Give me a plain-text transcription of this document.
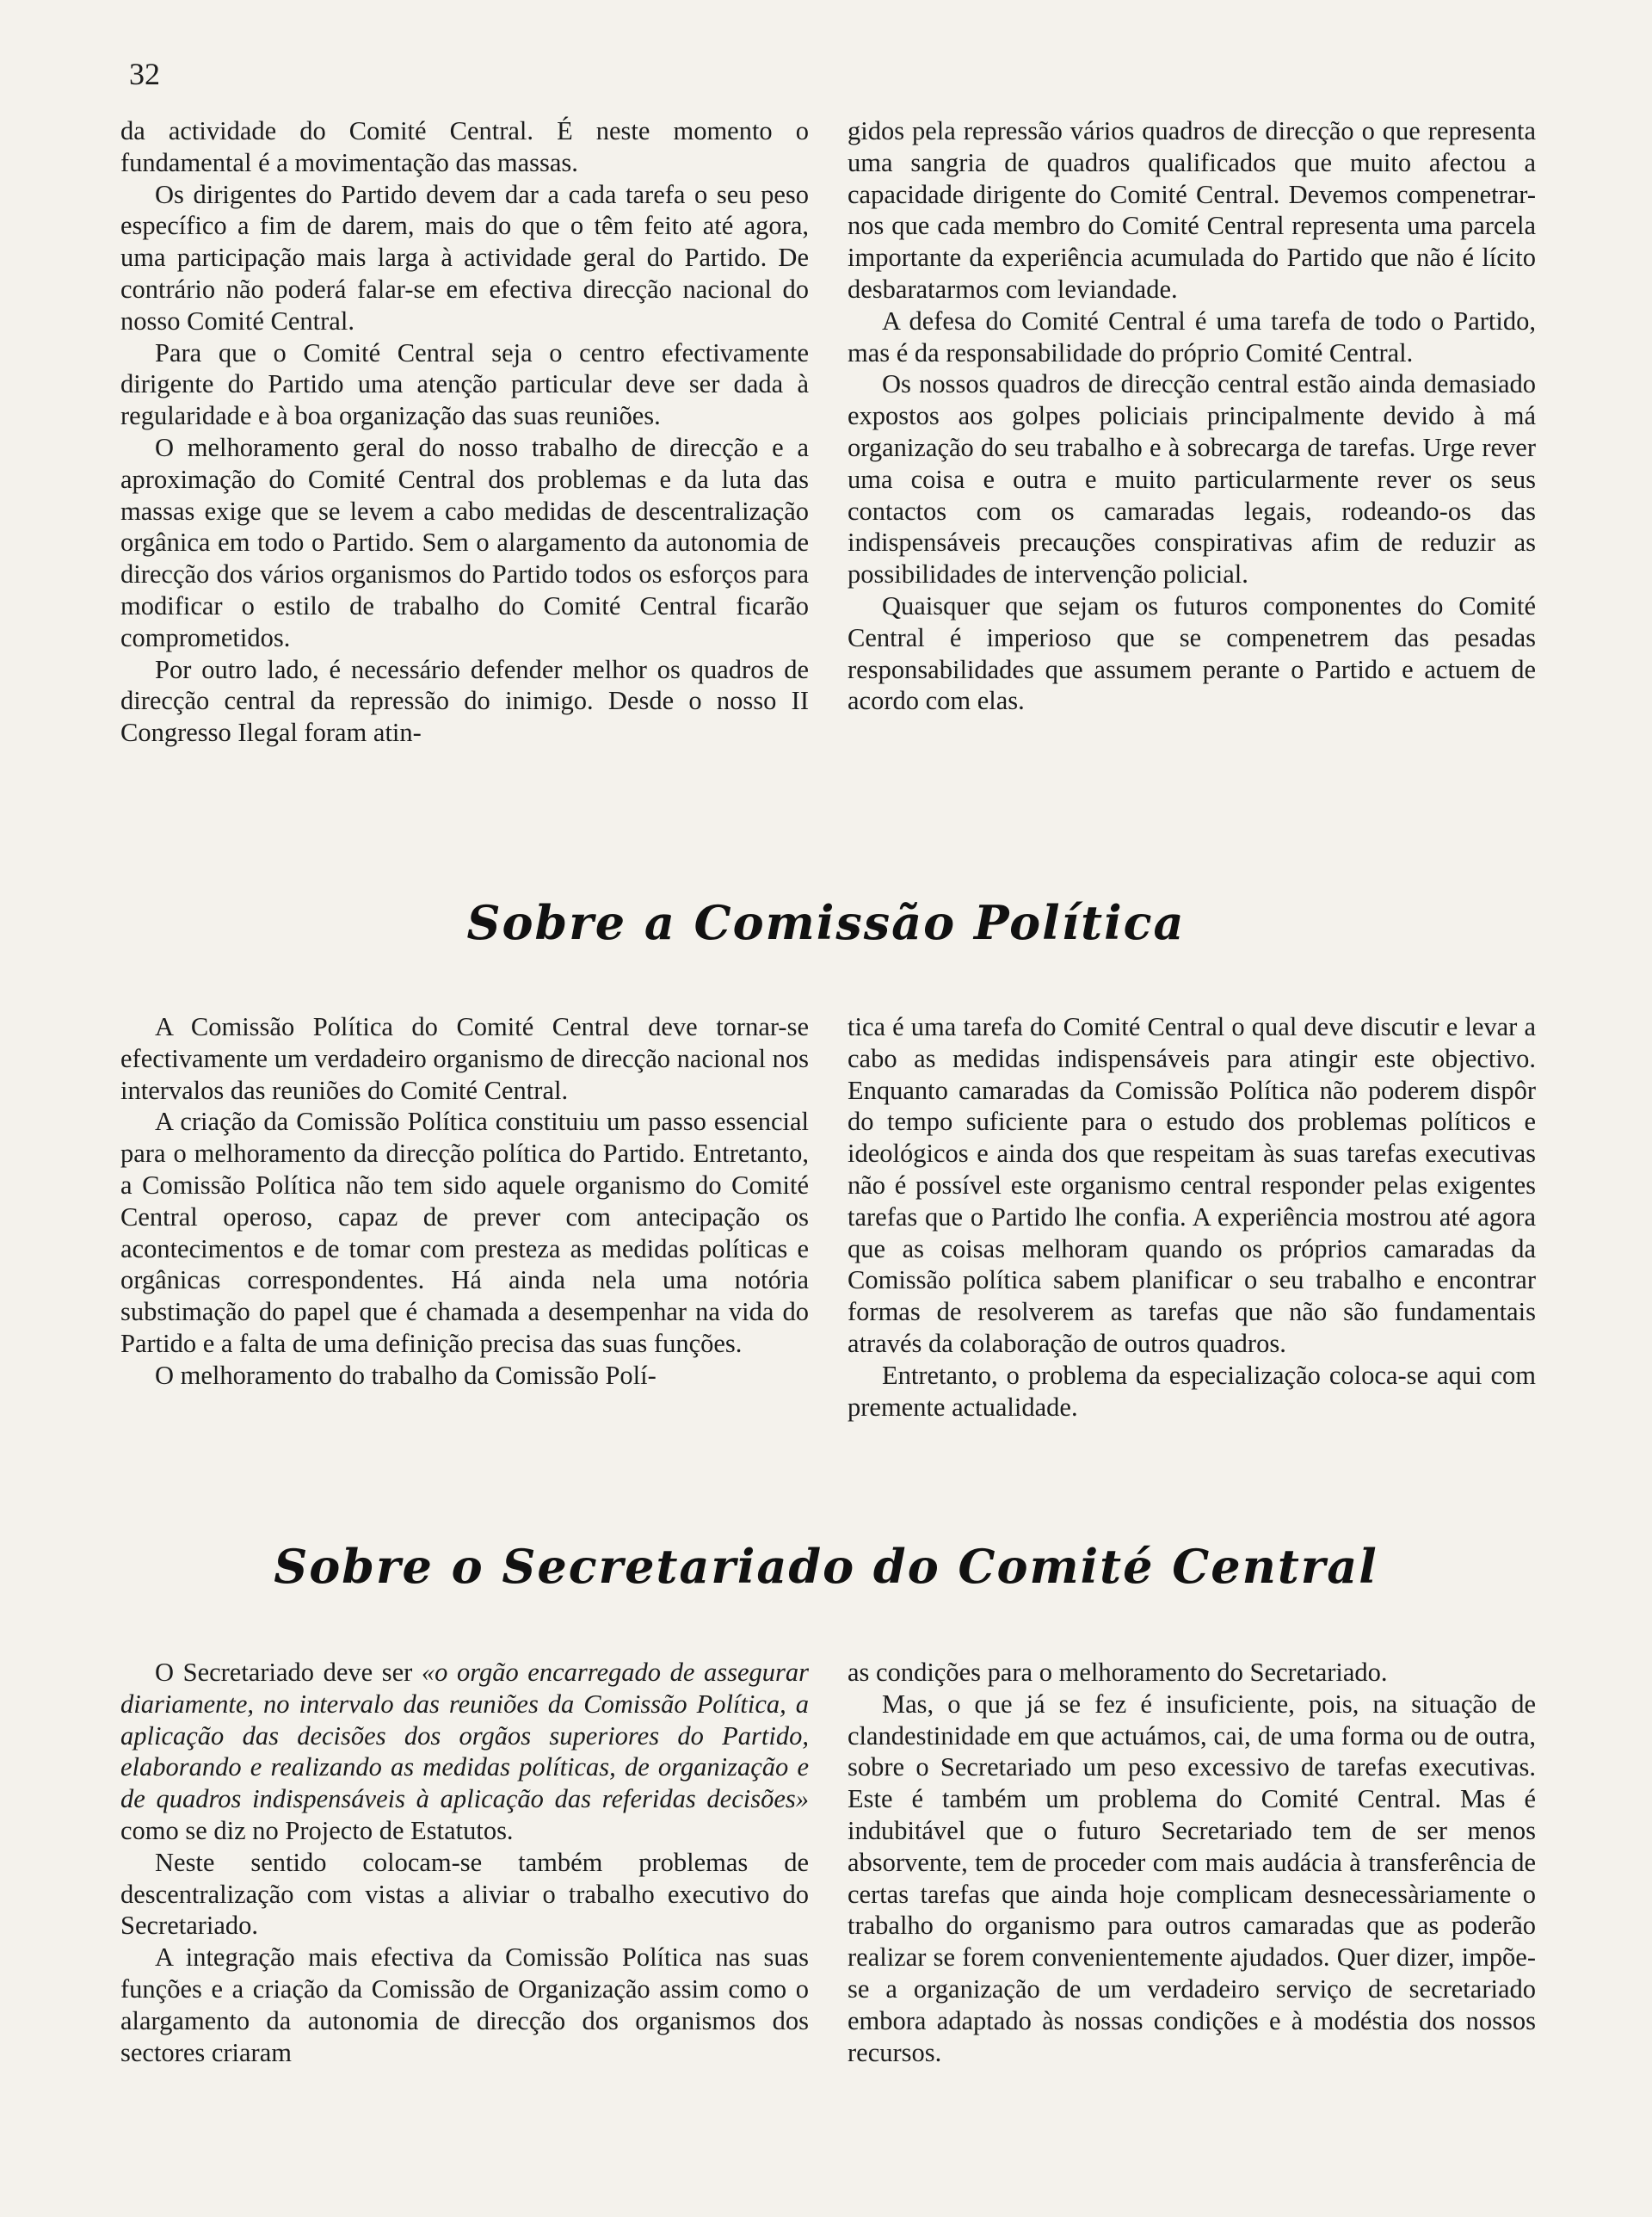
32

da actividade do Comité Central. É neste momento o fundamental é a movimentação das massas.

Os dirigentes do Partido devem dar a cada tarefa o seu peso específico a fim de darem, mais do que o têm feito até agora, uma participação mais larga à actividade geral do Partido. De contrário não poderá falar-se em efectiva direcção nacional do nosso Comité Central.

Para que o Comité Central seja o centro efectivamente dirigente do Partido uma atenção particular deve ser dada à regularidade e à boa organização das suas reuniões.

O melhoramento geral do nosso trabalho de direcção e a aproximação do Comité Central dos problemas e da luta das massas exige que se levem a cabo medidas de descentralização orgânica em todo o Partido. Sem o alargamento da autonomia de direcção dos vários organismos do Partido todos os esforços para modificar o estilo de trabalho do Comité Central ficarão comprometidos.

Por outro lado, é necessário defender melhor os quadros de direcção central da repressão do inimigo. Desde o nosso II Congresso Ilegal foram atin-

gidos pela repressão vários quadros de direcção o que representa uma sangria de quadros qualificados que muito afectou a capacidade dirigente do Comité Central. Devemos compenetrar-nos que cada membro do Comité Central representa uma parcela importante da experiência acumulada do Partido que não é lícito desbaratarmos com leviandade.

A defesa do Comité Central é uma tarefa de todo o Partido, mas é da responsabilidade do próprio Comité Central.

Os nossos quadros de direcção central estão ainda demasiado expostos aos golpes policiais principalmente devido à má organização do seu trabalho e à sobrecarga de tarefas. Urge rever uma coisa e outra e muito particularmente rever os seus contactos com os camaradas legais, rodeando-os das indispensáveis precauções conspirativas afim de reduzir as possibilidades de intervenção policial.

Quaisquer que sejam os futuros componentes do Comité Central é imperioso que se compenetrem das pesadas responsabilidades que assumem perante o Partido e actuem de acordo com elas.

Sobre a Comissão Política

A Comissão Política do Comité Central deve tornar-se efectivamente um verdadeiro organismo de direcção nacional nos intervalos das reuniões do Comité Central.

A criação da Comissão Política constituiu um passo essencial para o melhoramento da direcção política do Partido. Entretanto, a Comissão Política não tem sido aquele organismo do Comité Central operoso, capaz de prever com antecipação os acontecimentos e de tomar com presteza as medidas políticas e orgânicas correspondentes. Há ainda nela uma notória substimação do papel que é chamada a desempenhar na vida do Partido e a falta de uma definição precisa das suas funções.

O melhoramento do trabalho da Comissão Polí-

tica é uma tarefa do Comité Central o qual deve discutir e levar a cabo as medidas indispensáveis para atingir este objectivo. Enquanto camaradas da Comissão Política não poderem dispôr do tempo suficiente para o estudo dos problemas políticos e ideológicos e ainda dos que respeitam às suas tarefas executivas não é possível este organismo central responder pelas exigentes tarefas que o Partido lhe confia. A experiência mostrou até agora que as coisas melhoram quando os próprios camaradas da Comissão política sabem planificar o seu trabalho e encontrar formas de resolverem as tarefas que não são fundamentais através da colaboração de outros quadros.

Entretanto, o problema da especialização coloca-se aqui com premente actualidade.

Sobre o Secretariado do Comité Central

O Secretariado deve ser «o orgão encarregado de assegurar diariamente, no intervalo das reuniões da Comissão Política, a aplicação das decisões dos orgãos superiores do Partido, elaborando e realizando as medidas políticas, de organização e de quadros indispensáveis à aplicação das referidas decisões» como se diz no Projecto de Estatutos.

Neste sentido colocam-se também problemas de descentralização com vistas a aliviar o trabalho executivo do Secretariado.

A integração mais efectiva da Comissão Política nas suas funções e a criação da Comissão de Organização assim como o alargamento da autonomia de direcção dos organismos dos sectores criaram

as condições para o melhoramento do Secretariado.

Mas, o que já se fez é insuficiente, pois, na situação de clandestinidade em que actuámos, cai, de uma forma ou de outra, sobre o Secretariado um peso excessivo de tarefas executivas. Este é também um problema do Comité Central. Mas é indubitável que o futuro Secretariado tem de ser menos absorvente, tem de proceder com mais audácia à transferência de certas tarefas que ainda hoje complicam desnecessàriamente o trabalho do organismo para outros camaradas que as poderão realizar se forem convenientemente ajudados. Quer dizer, impõe-se a organização de um verdadeiro serviço de secretariado embora adaptado às nossas condições e à modéstia dos nossos recursos.
